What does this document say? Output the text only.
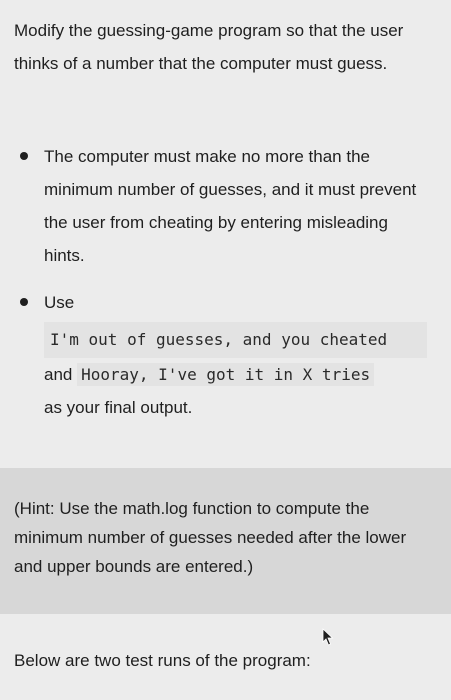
Modify the guessing-game program so that the user thinks of a number that the computer must guess.

The computer must make no more than the minimum number of guesses, and it must prevent the user from cheating by entering misleading hints.
Use
I'm out of guesses, and you cheated
and Hooray, I've got it in X tries
as your final output.

(Hint: Use the math.log function to compute the minimum number of guesses needed after the lower and upper bounds are entered.)

Below are two test runs of the program:
